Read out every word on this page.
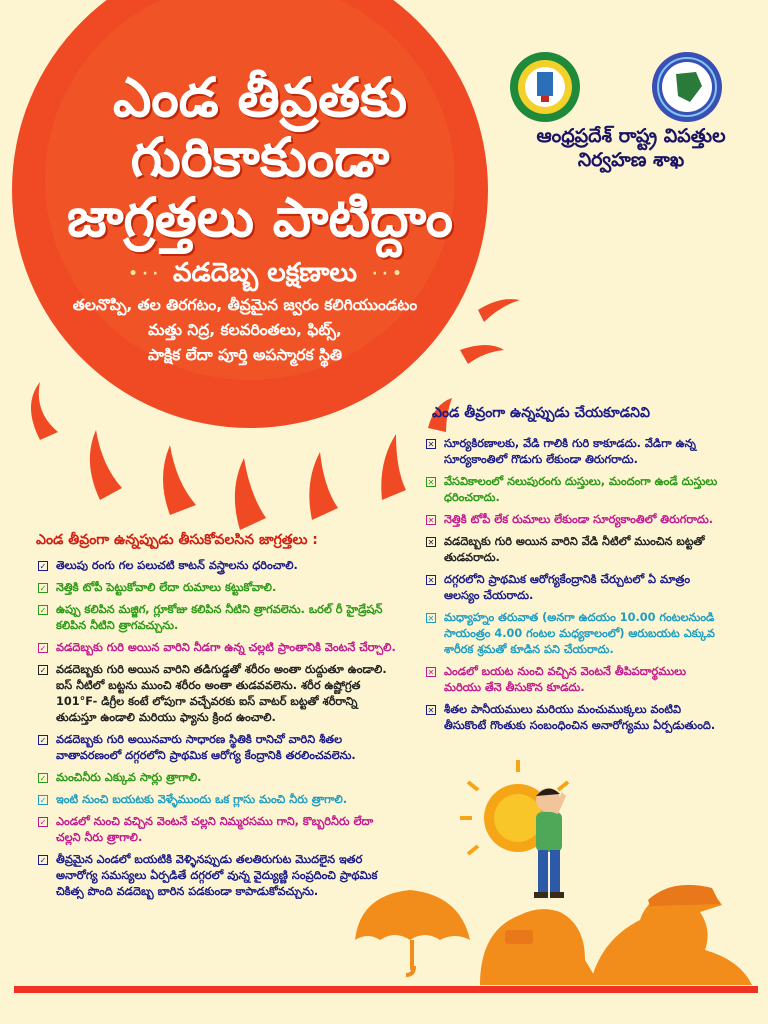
ఎండ తీవ్రతకు
గురికాకుండా
జాగ్రత్తలు పాటిద్దాం
• · · వడదెబ్బ లక్షణాలు · · •
తలనొప్పి, తల తిరగటం, తీవ్రమైన జ్వరం కలిగియుండటం
మత్తు నిద్ర, కలవరింతలు, ఫిట్స్,
పాక్షిక లేదా పూర్తి అపస్మారక స్థితి
ఆంధ్రప్రదేశ్ రాష్ట్ర విపత్తుల నిర్వహణ శాఖ
ఎండ తీవ్రంగా ఉన్నప్పుడు చేయకూడనివి
✕ సూర్యకిరణాలకు, వేడి గాలికి గురి కాకూడదు. వేడిగా ఉన్న సూర్యకాంతిలో గొడుగు లేకుండా తిరుగరాదు.
✕ వేసవికాలంలో నలుపురంగు దుస్తులు, మందంగా ఉండే దుస్తులు ధరించరాదు.
✕ నెత్తికి టోపీ లేక రుమాలు లేకుండా సూర్యకాంతిలో తిరుగరాదు.
✕ వడదెబ్బకు గురి అయిన వారిని వేడి నీటిలో ముంచిన బట్టతో తుడవరాదు.
✕ దగ్గరలోని ప్రాథమిక ఆరోగ్యకేంద్రానికి చేర్చుటలో ఏ మాత్రం ఆలస్యం చేయరాదు.
✕ మధ్యాహ్నం తరువాత (అనగా ఉదయం 10.00 గంటలనుండి సాయంత్రం 4.00 గంటల మధ్యకాలంలో) ఆరుబయట ఎక్కువ శారీరక శ్రమతో కూడిన పని చేయరాదు.
✕ ఎండలో బయట నుంచి వచ్చిన వెంటనే తీపిపదార్థములు మరియు తేనె తీసుకొన కూడదు.
✕ శీతల పానీయములు మరియు మంచుముక్కలు వంటివి తీసుకొంటే గొంతుకు సంబంధించిన అనారోగ్యము ఏర్పడుతుంది.
ఎండ తీవ్రంగా ఉన్నప్పుడు తీసుకోవలసిన జాగ్రత్తలు :
✓ తెలుపు రంగు గల పలుచటి కాటన్ వస్త్రాలను ధరించాలి.
✓ నెత్తికి టోపీ పెట్టుకోవాలి లేదా రుమాలు కట్టుకోవాలి.
✓ ఉప్పు కలిపిన మజ్జిగ, గ్లూకోజు కలిపిన నీటిని త్రాగవలెను. ఒరల్ రీ హైడ్రేషన్ కలిపిన నీటిని త్రాగవచ్చును.
✓ వడదెబ్బకు గురి అయిన వారిని నీడగా ఉన్న చల్లటి ప్రాంతానికి వెంటనే చేర్చాలి.
✓ వడదెబ్బకు గురి అయిన వారిని తడిగుడ్డతో శరీరం అంతా రుద్దుతూ ఉండాలి. ఐస్ నీటిలో బట్టను ముంచి శరీరం అంతా తుడవవలెను. శరీర ఉష్ణోగ్రత 101°F- డిగ్రీల కంటే లోపుగా వచ్చేవరకు ఐస్ వాటర్ బట్టతో శరీరాన్ని తుడుస్తూ ఉండాలి మరియు ఫ్యాను క్రింద ఉంచాలి.
✓ వడదెబ్బకు గురి అయినవారు సాధారణ స్థితికి రానిచో వారిని శీతల వాతావరణంలో దగ్గరలోని ప్రాథమిక ఆరోగ్య కేంద్రానికి తరలించవలెను.
✓ మంచినీరు ఎక్కువ సార్లు త్రాగాలి.
✓ ఇంటి నుంచి బయటకు వెళ్ళేముందు ఒక గ్లాసు మంచి నీరు త్రాగాలి.
✓ ఎండలో నుంచి వచ్చిన వెంటనే చల్లని నిమ్మరసము గాని, కొబ్బరినీరు లేదా చల్లని నీరు త్రాగాలి.
✓ తీవ్రమైన ఎండలో బయటికి వెళ్ళినప్పుడు తలతిరుగుట మొదలైన ఇతర అనారోగ్య సమస్యలు ఏర్పడితే దగ్గరలో వున్న వైద్యుణ్ణి సంప్రదించి ప్రాథమిక చికిత్స పొంది వడదెబ్బ బారిన పడకుండా కాపాడుకోవచ్చును.
